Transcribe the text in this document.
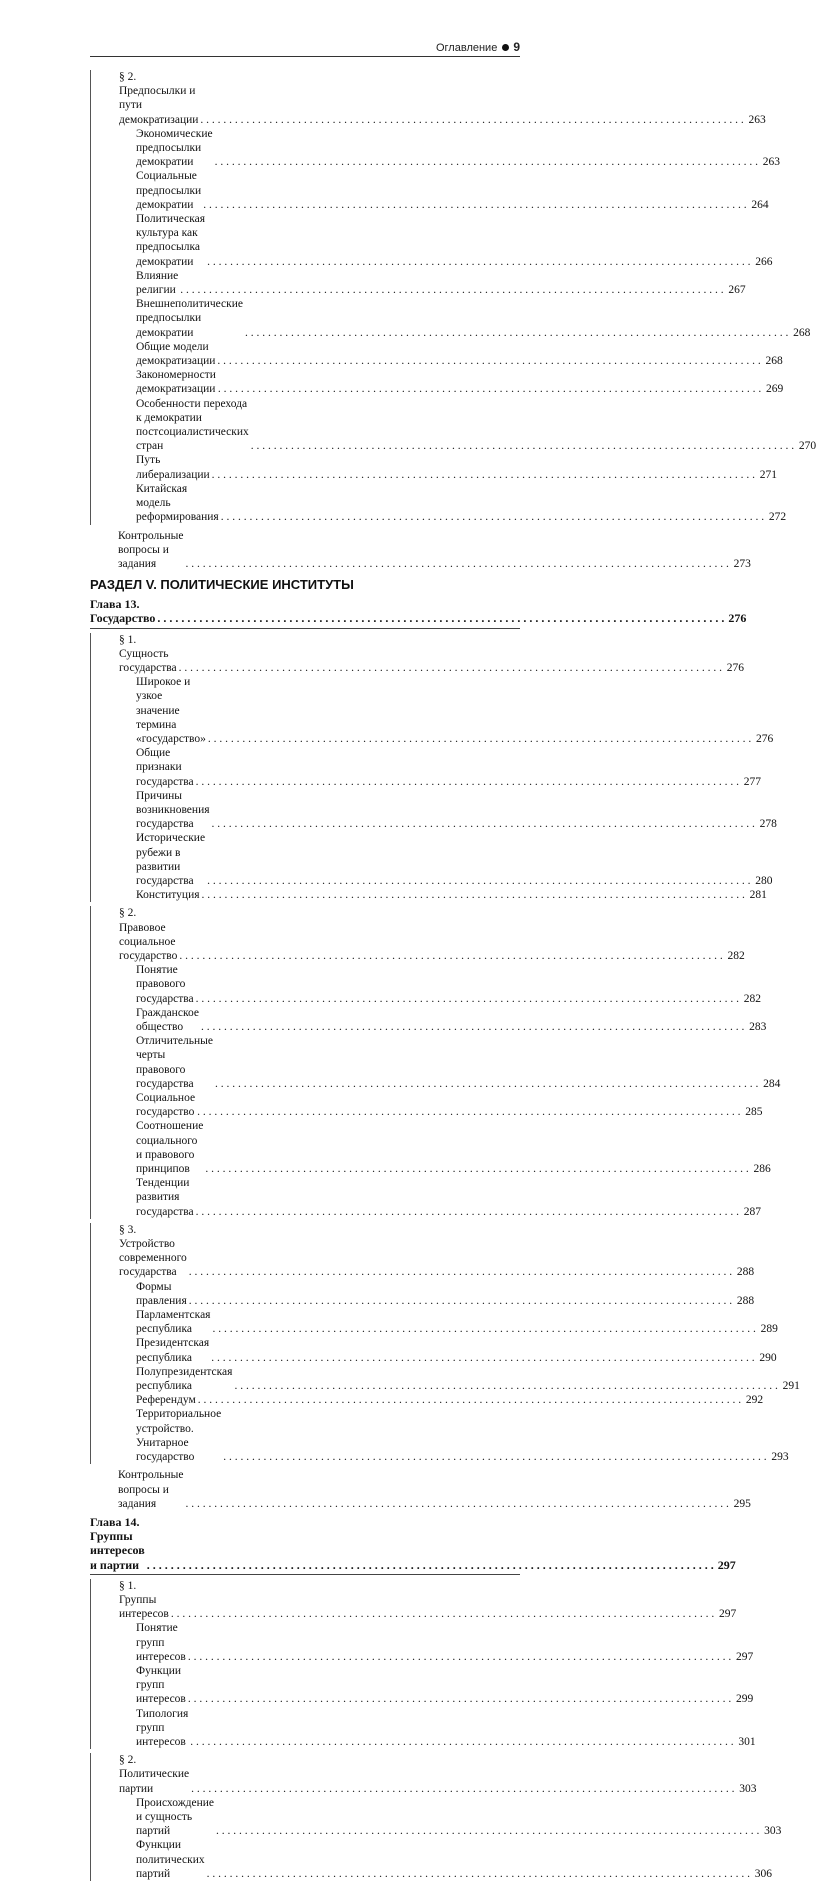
Оглавление 9
§ 2. Предпосылки и пути демократизации . . .	263
Экономические предпосылки демократии . . .	263
Социальные предпосылки демократии . . .	264
Политическая культура как предпосылка демократии . . .	266
Влияние религии . . .	267
Внешнеполитические предпосылки демократии . . .	268
Общие модели демократизации . . .	268
Закономерности демократизации . . .	269
Особенности перехода к демократии постсоциалистических стран . . .	270
Путь либерализации . . .	271
Китайская модель реформирования . . .	272
Контрольные вопросы и задания . . .	273
РАЗДЕЛ V. ПОЛИТИЧЕСКИЕ ИНСТИТУТЫ
Глава 13. Государство . . .	276
§ 1. Сущность государства . . .	276
Широкое и узкое значение термина «государство» . . .	276
Общие признаки государства . . .	277
Причины возникновения государства . . .	278
Исторические рубежи в развитии государства . . .	280
Конституция . . .	281
§ 2. Правовое социальное государство . . .	282
Понятие правового государства . . .	282
Гражданское общество . . .	283
Отличительные черты правового государства . . .	284
Социальное государство . . .	285
Соотношение социального и правового принципов . . .	286
Тенденции развития государства . . .	287
§ 3. Устройство современного государства . . .	288
Формы правления . . .	288
Парламентская республика . . .	289
Президентская республика . . .	290
Полупрезидентская республика . . .	291
Референдум . . .	292
Территориальное устройство. Унитарное государство . . .	293
Контрольные вопросы и задания . . .	295
Глава 14. Группы интересов и партии . . .	297
§ 1. Группы интересов . . .	297
Понятие групп интересов . . .	297
Функции групп интересов . . .	299
Типология групп интересов . . .	301
§ 2. Политические партии . . .	303
Происхождение и сущность партий . . .	303
Функции политических партий . . .	306
